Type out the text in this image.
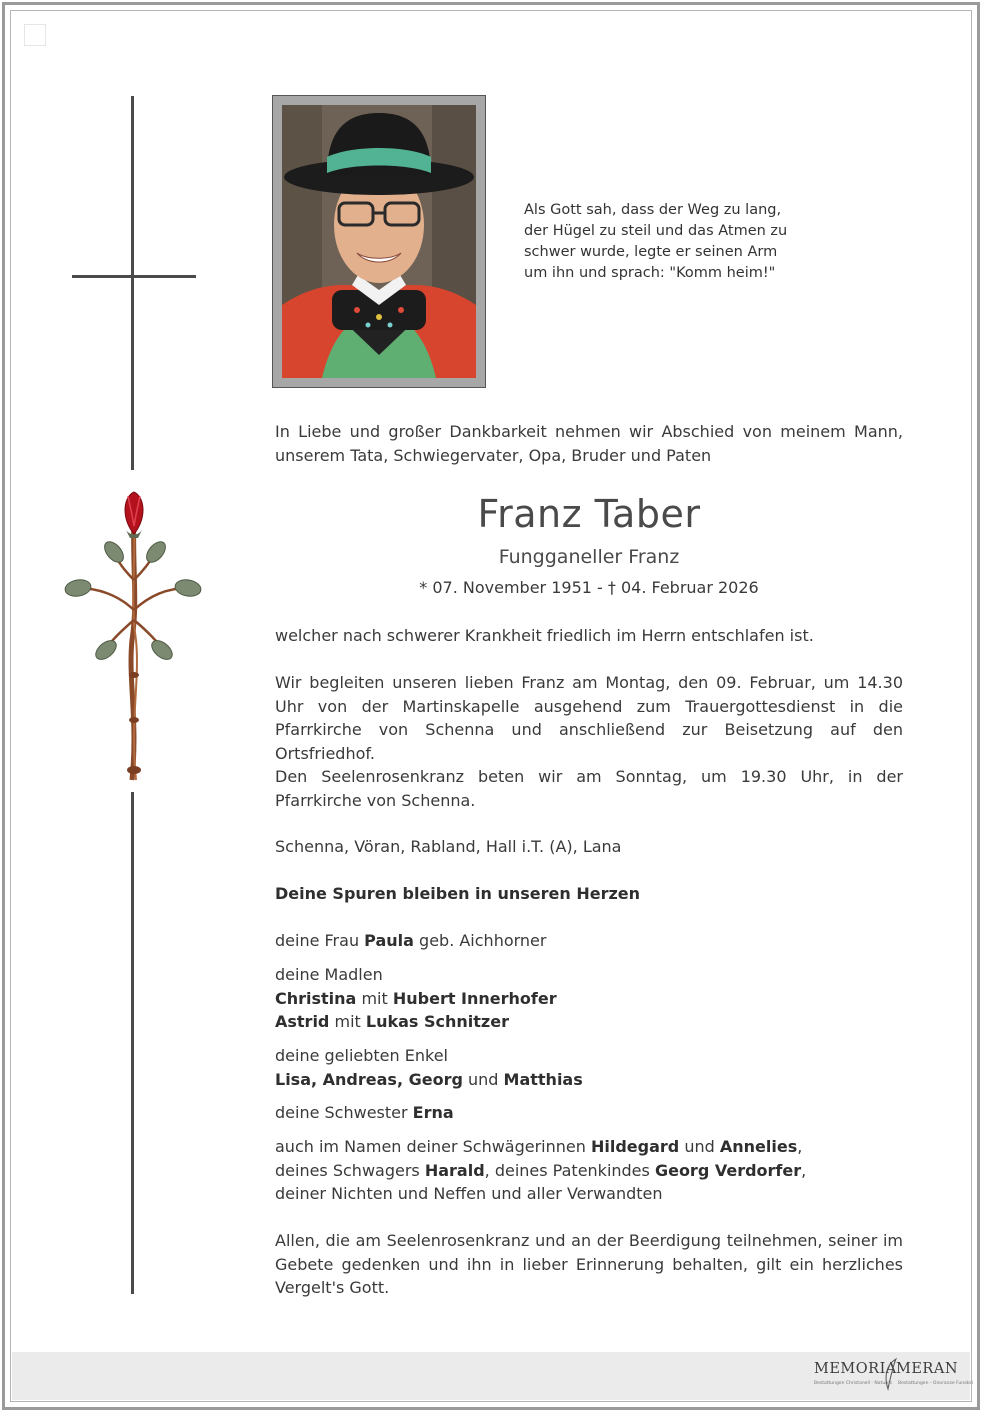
Als Gott sah, dass der Weg zu lang,
der Hügel zu steil und das Atmen zu
schwer wurde, legte er seinen Arm
um ihn und sprach: "Komm heim!"
In Liebe und großer Dankbarkeit nehmen wir Abschied von meinem Mann, unserem Tata, Schwiegervater, Opa, Bruder und Paten
Franz Taber
Fungganeller Franz
* 07. November 1951 - † 04. Februar 2026
welcher nach schwerer Krankheit friedlich im Herrn entschlafen ist.
Wir begleiten unseren lieben Franz am Montag, den 09. Februar, um 14.30 Uhr von der Martinskapelle ausgehend zum Trauergottesdienst in die Pfarrkirche von Schenna und anschließend zur Beisetzung auf den Ortsfriedhof.
Den Seelenrosenkranz beten wir am Sonntag, um 19.30 Uhr, in der Pfarrkirche von Schenna.
Schenna, Vöran, Rabland, Hall i.T. (A), Lana
Deine Spuren bleiben in unseren Herzen
deine Frau Paula geb. Aichhorner
deine Madlen
Christina mit Hubert Innerhofer
Astrid mit Lukas Schnitzer
deine geliebten Enkel
Lisa, Andreas, Georg und Matthias
deine Schwester Erna
auch im Namen deiner Schwägerinnen Hildegard und Annelies,
deines Schwagers Harald, deines Patenkindes Georg Verdorfer,
deiner Nichten und Neffen und aller Verwandten
Allen, die am Seelenrosenkranz und an der Beerdigung teilnehmen, seiner im Gebete gedenken und ihn in lieber Erinnerung behalten, gilt ein herzliches Vergelt's Gott.
MEMORIA MERAN
Bestattungen Christanell - Naturns Bestattungen - Onoranze Funebri
